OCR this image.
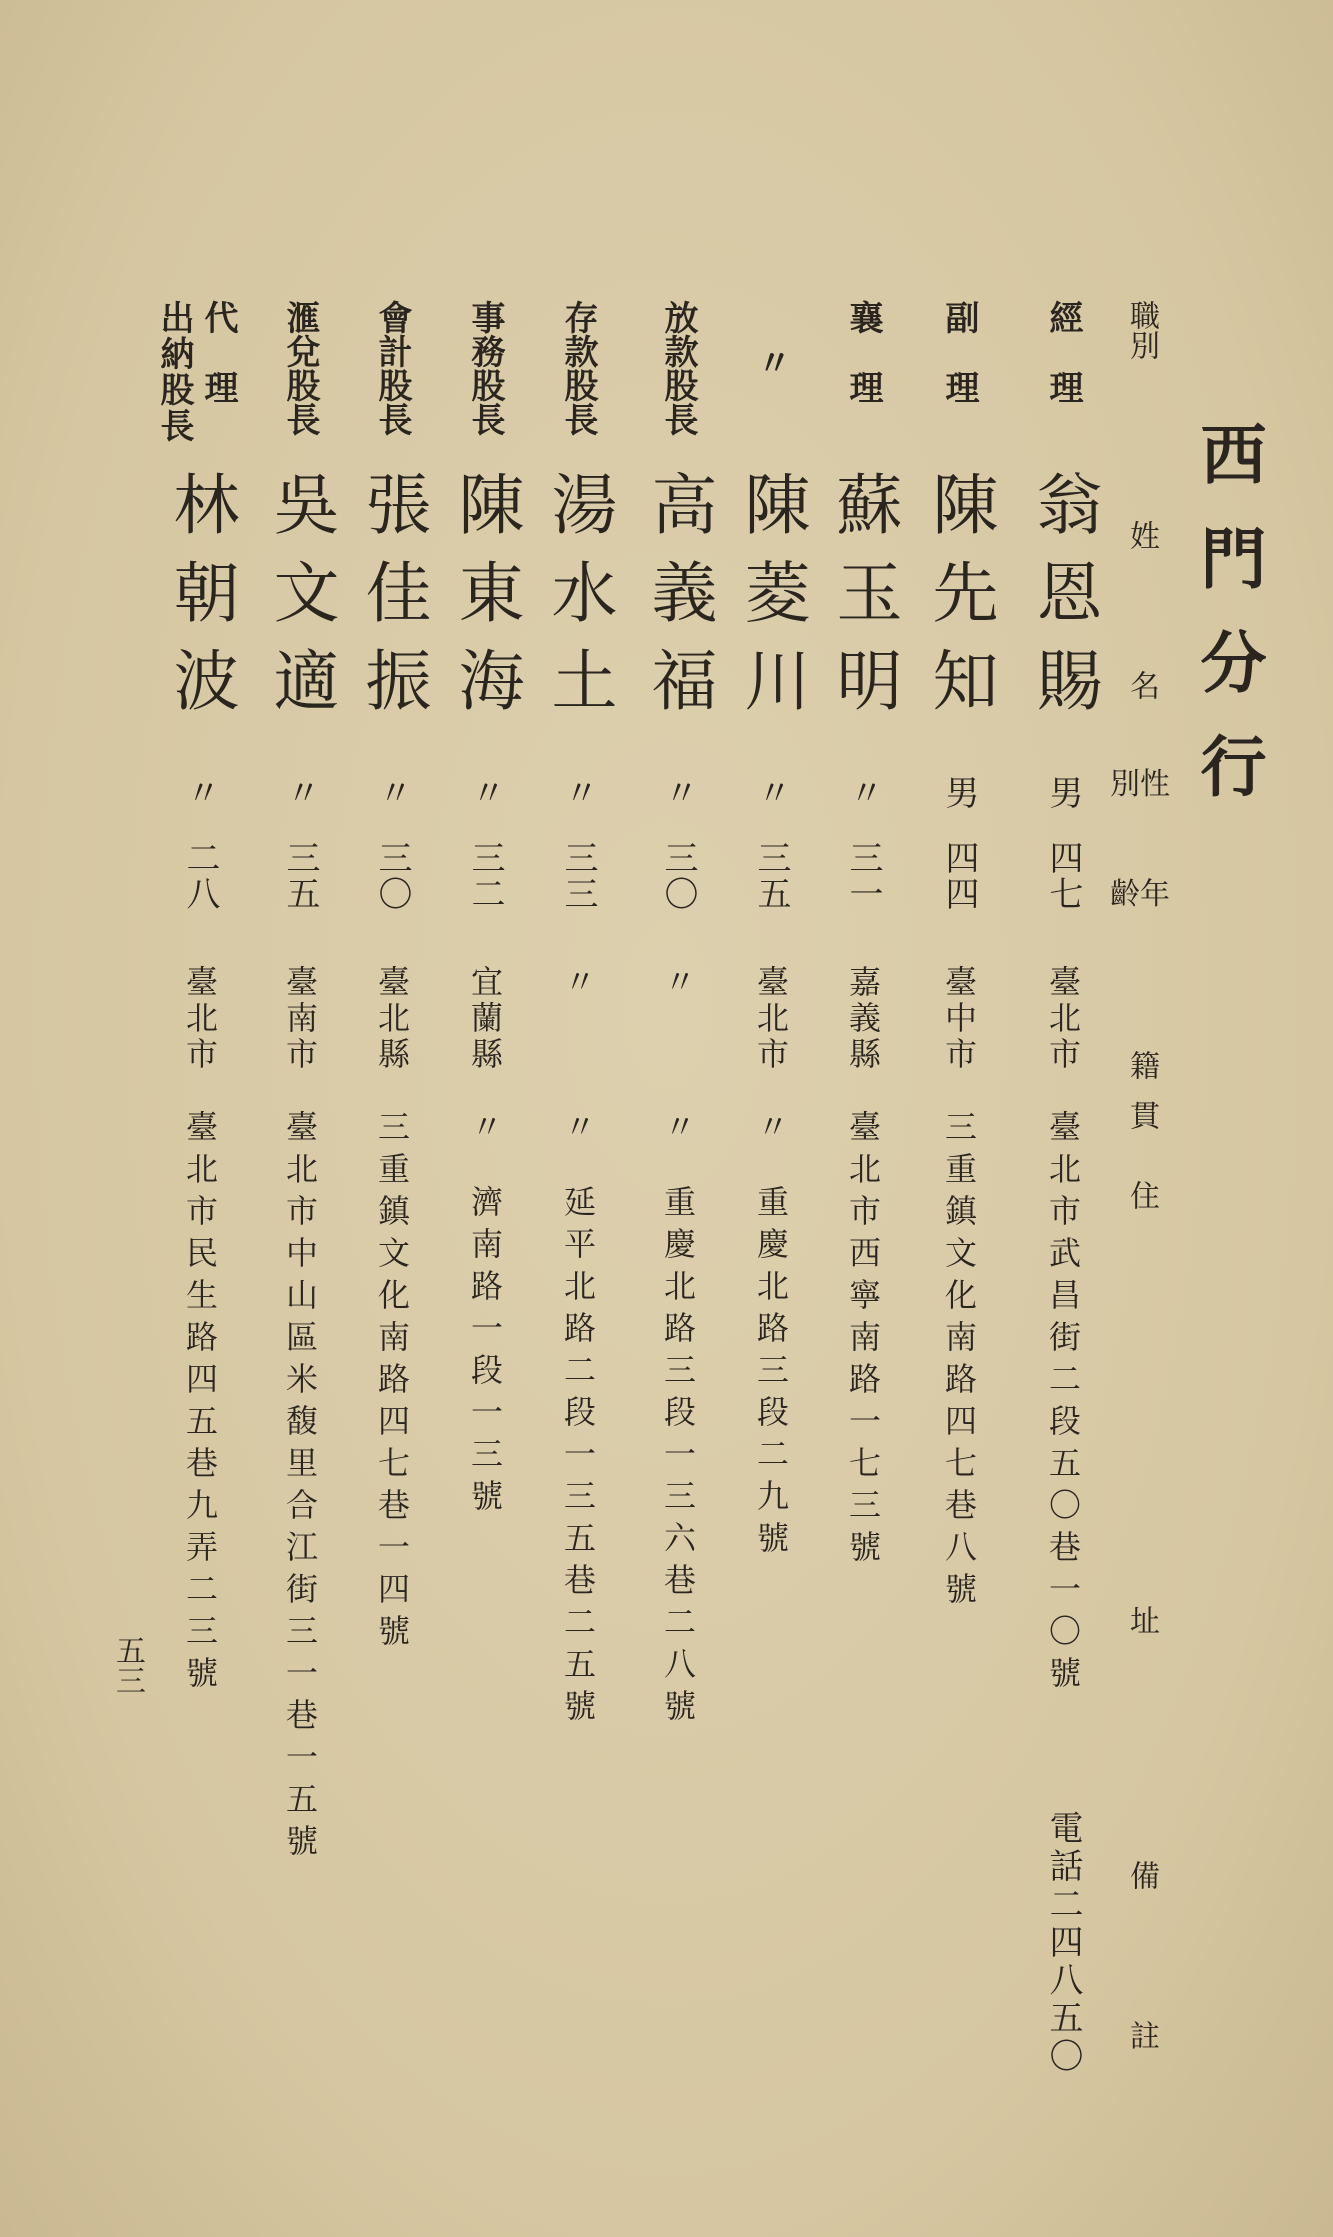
西門分行
職別
姓
名
性別
年齡
籍貫
住
址
備
註
經理
翁恩賜
男
四七
臺北市
臺北市武昌街二段五〇巷一〇號
電話二四八五〇
副理
陳先知
男
四四
臺中市
三重鎮文化南路四七巷八號
襄理
蘇玉明
〃
三一
嘉義縣
臺北市西寧南路一七三號
〃
陳菱川
〃
三五
臺北市
〃
重慶北路三段二九號
放款股長
高義福
〃
三〇
〃
〃
重慶北路三段一三六巷二八號
存款股長
湯水土
〃
三三
〃
〃
延平北路二段一三五巷二五號
事務股長
陳東海
〃
三二
宜蘭縣
〃
濟南路一段一三號
會計股長
張佳振
〃
三〇
臺北縣
三重鎮文化南路四七巷一四號
滙兌股長
吳文適
〃
三五
臺南市
臺北市中山區米馥里合江街三一巷一五號
代理
出納股長
林朝波
〃
二八
臺北市
臺北市民生路四五巷九弄二三號
五三
